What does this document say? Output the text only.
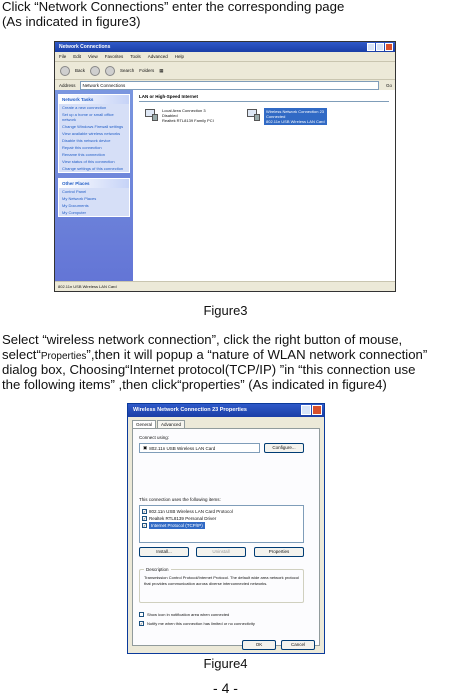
Click “Network Connections” enter the corresponding page

(As indicated in figure3)

Network Connections
File Edit View Favorites Tools Advanced Help
Back	Search Folders ▦
Address	Network Connections	Go
Network Tasks
Create a new connection
Set up a home or small office network
Change Windows Firewall settings
View available wireless networks
Disable this network device
Repair this connection
Rename this connection
View status of this connection
Change settings of this connection
Other Places
Control Panel
My Network Places
My Documents
My Computer
LAN or High-Speed Internet
Local Area Connection 3
Disabled
Realtek RTL8139 Family PCI
Wireless Network Connection 23
Connected
802.11n USB Wireless LAN Card
802.11n USB Wireless LAN Card
Figure3

Select “wireless network connection”, click the right button of mouse,

select“Properties”,then it will popup a “nature of WLAN network connection”

dialog box, Choosing“Internet protocol(TCP/IP) ”in “this connection use

the following items” ,then click“properties” (As indicated in figure4)

Wireless Network Connection 23 Properties
General	Advanced
Connect using:
▣ 802.11n USB Wireless LAN Card	Configure...
This connection uses the following items:
✓ 802.11n USB Wireless LAN Card Protocol
✓ Realtek RTL8139 Personal Driver
✓	Internet Protocol (TCP/IP)
Install...	Uninstall	Properties
Description
Transmission Control Protocol/Internet Protocol. The default wide area network protocol that provides communication across diverse interconnected networks.
Show icon in notification area when connected
✓ Notify me when this connection has limited or no connectivity
OK	Cancel
Figure4
- 4 -
